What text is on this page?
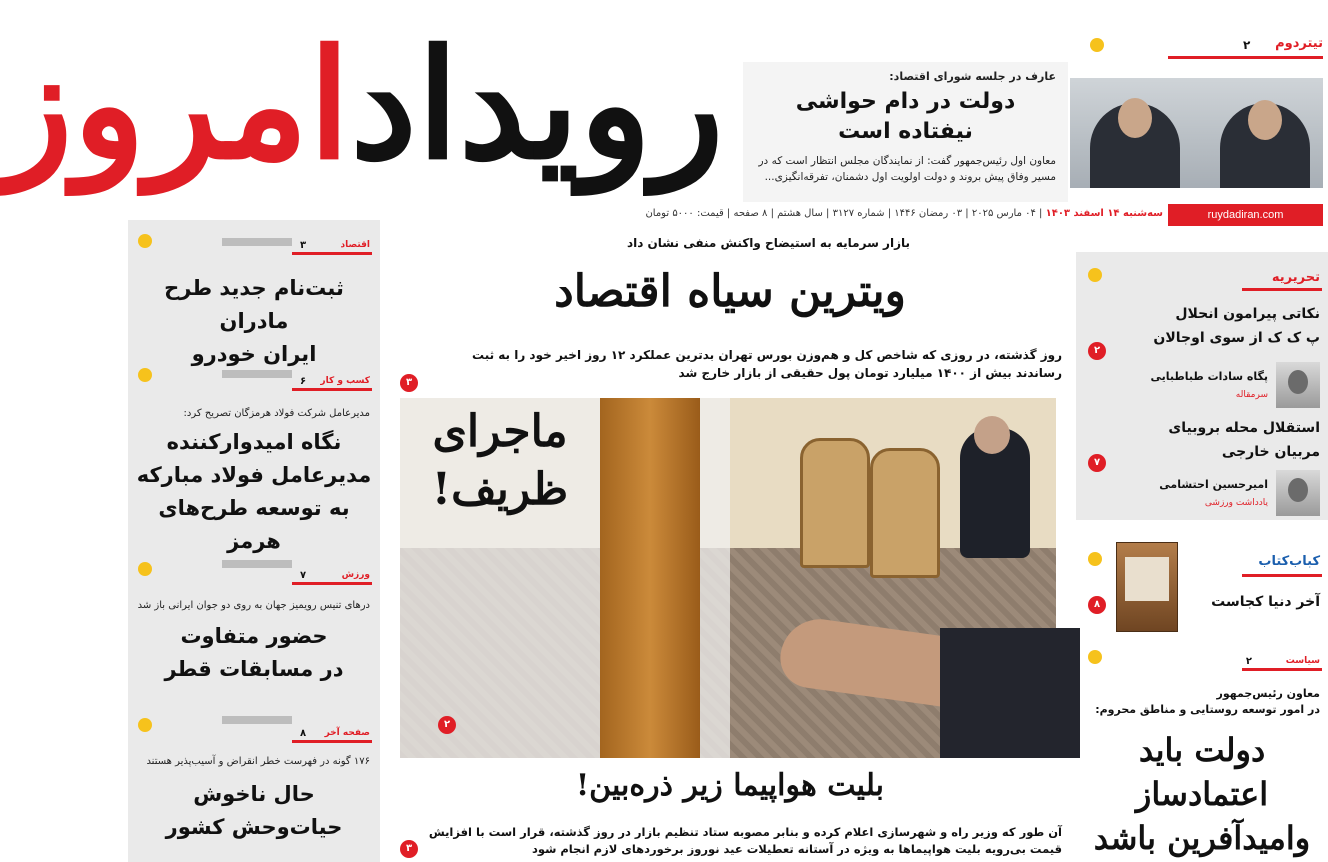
رویدادامروز	تیتردوم
۲
عارف در جلسه شورای اقتصاد:
دولت در دام حواشی
نیفتاده است
معاون اول رئیس‌جمهور گفت: از نمایندگان مجلس انتظار است که در مسیر وفاق پیش بروند و دولت اولویت اول دشمنان، تفرقه‌انگیزی...
سه‌شنبه ۱۴ اسفند ۱۴۰۳ | ۰۴ مارس ۲۰۲۵ | ۰۳ رمضان ۱۴۴۶ | شماره ۳۱۲۷ | سال هشتم | ۸ صفحه | قیمت: ۵۰۰۰ تومان	ruydadiran.com
اقتصاد
۳
ثبت‌نام جدید طرح مادران
ایران خودرو
کسب و کار
۶
مدیرعامل شرکت فولاد هرمزگان تصریح کرد:
نگاه امیدوارکننده
مدیرعامل فولاد مبارکه
به توسعه طرح‌های هرمز
ورزش
۷
درهای تنیس رویمیز جهان به روی دو جوان ایرانی باز شد
حضور متفاوت
در مسابقات قطر
صفحه آخر
۸
۱۷۶ گونه در فهرست خطر انقراض و آسیب‌پذیر هستند
حال ناخوش
حیات‌وحش کشور
بازار سرمایه به استیضاح واکنش منفی نشان داد
ویترین سیاه اقتصاد
روز گذشته، در روزی که شاخص کل و هم‌وزن بورس تهران بدترین عملکرد ۱۲ روز اخیر خود را به ثبت رساندند بیش از ۱۴۰۰ میلیارد تومان پول حقیقی از بازار خارج شد
۳
۲
ماجرای
ظریف!
بلیت هواپیما زیر ذره‌بین!
آن طور که وزیر راه و شهرسازی اعلام کرده و بنابر مصوبه ستاد تنظیم بازار در روز گذشته، قرار است با افزایش قیمت بی‌رویه بلیت هواپیماها به ویژه در آستانه تعطیلات عید نوروز برخوردهای لازم انجام شود
۳
تحریریه
نکاتی پیرامون انحلال
پ ک ک از سوی اوجالان
۲
پگاه سادات طباطبایی
سرمقاله
استقلال محله بروبیای
مربیان خارجی
۷
امیرحسین احتشامی
یادداشت ورزشی
کباب‌کتاب
آخر دنیا کجاست
۸
سیاست
۲
معاون رئیس‌جمهور
در امور توسعه روستایی و مناطق محروم:
دولت باید
اعتمادساز
وامیدآفرین باشد
